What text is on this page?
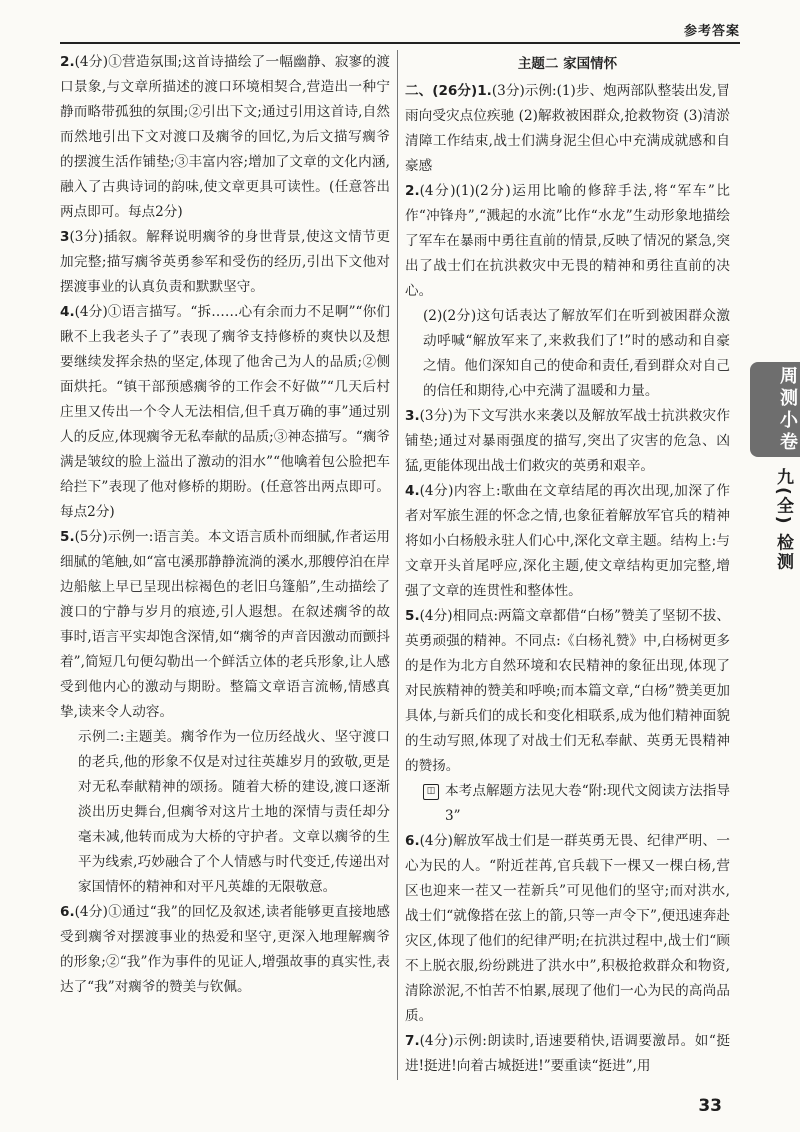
参考答案

2.(4分)①营造氛围;这首诗描绘了一幅幽静、寂寥的渡口景象,与文章所描述的渡口环境相契合,营造出一种宁静而略带孤独的氛围;②引出下文;通过引用这首诗,自然而然地引出下文对渡口及瘸爷的回忆,为后文描写瘸爷的摆渡生活作铺垫;③丰富内容;增加了文章的文化内涵,融入了古典诗词的韵味,使文章更具可读性。(任意答出两点即可。每点2分)

3(3分)插叙。解释说明瘸爷的身世背景,使这文情节更加完整;描写瘸爷英勇参军和受伤的经历,引出下文他对摆渡事业的认真负责和默默坚守。

4.(4分)①语言描写。“拆……心有余而力不足啊”“你们瞅不上我老头子了”表现了瘸爷支持修桥的爽快以及想要继续发挥余热的坚定,体现了他舍己为人的品质;②侧面烘托。“镇干部预感瘸爷的工作会不好做”“几天后村庄里又传出一个令人无法相信,但千真万确的事”通过别人的反应,体现瘸爷无私奉献的品质;③神态描写。“瘸爷满是皱纹的脸上溢出了激动的泪水”“他噙着包公脸把车给拦下”表现了他对修桥的期盼。(任意答出两点即可。每点2分)

5.(5分)示例一:语言美。本文语言质朴而细腻,作者运用细腻的笔触,如“富屯溪那静静流淌的溪水,那艘停泊在岸边船舷上早已呈现出棕褐色的老旧乌篷船”,生动描绘了渡口的宁静与岁月的痕迹,引人遐想。在叙述瘸爷的故事时,语言平实却饱含深情,如“瘸爷的声音因激动而颤抖着”,简短几句便勾勒出一个鲜活立体的老兵形象,让人感受到他内心的激动与期盼。整篇文章语言流畅,情感真挚,读来令人动容。

示例二:主题美。瘸爷作为一位历经战火、坚守渡口的老兵,他的形象不仅是对过往英雄岁月的致敬,更是对无私奉献精神的颂扬。随着大桥的建设,渡口逐渐淡出历史舞台,但瘸爷对这片土地的深情与责任却分毫未减,他转而成为大桥的守护者。文章以瘸爷的生平为线索,巧妙融合了个人情感与时代变迁,传递出对家国情怀的精神和对平凡英雄的无限敬意。

6.(4分)①通过“我”的回忆及叙述,读者能够更直接地感受到瘸爷对摆渡事业的热爱和坚守,更深入地理解瘸爷的形象;②“我”作为事件的见证人,增强故事的真实性,表达了“我”对瘸爷的赞美与钦佩。

主题二 家国情怀

二、(26分)1.(3分)示例:(1)步、炮两部队整装出发,冒雨向受灾点位疾驰 (2)解救被困群众,抢救物资 (3)清淤清障工作结束,战士们满身泥尘但心中充满成就感和自豪感

2.(4分)(1)(2分)运用比喻的修辞手法,将“军车”比作“冲锋舟”,“溅起的水流”比作“水龙”生动形象地描绘了军车在暴雨中勇往直前的情景,反映了情况的紧急,突出了战士们在抗洪救灾中无畏的精神和勇往直前的决心。

(2)(2分)这句话表达了解放军们在听到被困群众激动呼喊“解放军来了,来救我们了!”时的感动和自豪之情。他们深知自己的使命和责任,看到群众对自己的信任和期待,心中充满了温暖和力量。

3.(3分)为下文写洪水来袭以及解放军战士抗洪救灾作铺垫;通过对暴雨强度的描写,突出了灾害的危急、凶猛,更能体现出战士们救灾的英勇和艰辛。

4.(4分)内容上:歌曲在文章结尾的再次出现,加深了作者对军旅生涯的怀念之情,也象征着解放军官兵的精神将如小白杨般永驻人们心中,深化文章主题。结构上:与文章开头首尾呼应,深化主题,使文章结构更加完整,增强了文章的连贯性和整体性。

5.(4分)相同点:两篇文章都借“白杨”赞美了坚韧不拔、英勇顽强的精神。不同点:《白杨礼赞》中,白杨树更多的是作为北方自然环境和农民精神的象征出现,体现了对民族精神的赞美和呼唤;而本篇文章,“白杨”赞美更加具体,与新兵们的成长和变化相联系,成为他们精神面貌的生动写照,体现了对战士们无私奉献、英勇无畏精神的赞扬。

◫ 本考点解题方法见大卷“附:现代文阅读方法指导3”

6.(4分)解放军战士们是一群英勇无畏、纪律严明、一心为民的人。“附近茬苒,官兵载下一棵又一棵白杨,营区也迎来一茬又一茬新兵”可见他们的坚守;而对洪水,战士们“就像搭在弦上的箭,只等一声令下”,便迅速奔赴灾区,体现了他们的纪律严明;在抗洪过程中,战士们“顾不上脱衣服,纷纷跳进了洪水中”,积极抢救群众和物资,清除淤泥,不怕苦不怕累,展现了他们一心为民的高尚品质。

7.(4分)示例:朗读时,语速要稍快,语调要激昂。如“挺进!挺进!向着古城挺进!”要重读“挺进”,用

周测小卷
九(全) 检测
33
